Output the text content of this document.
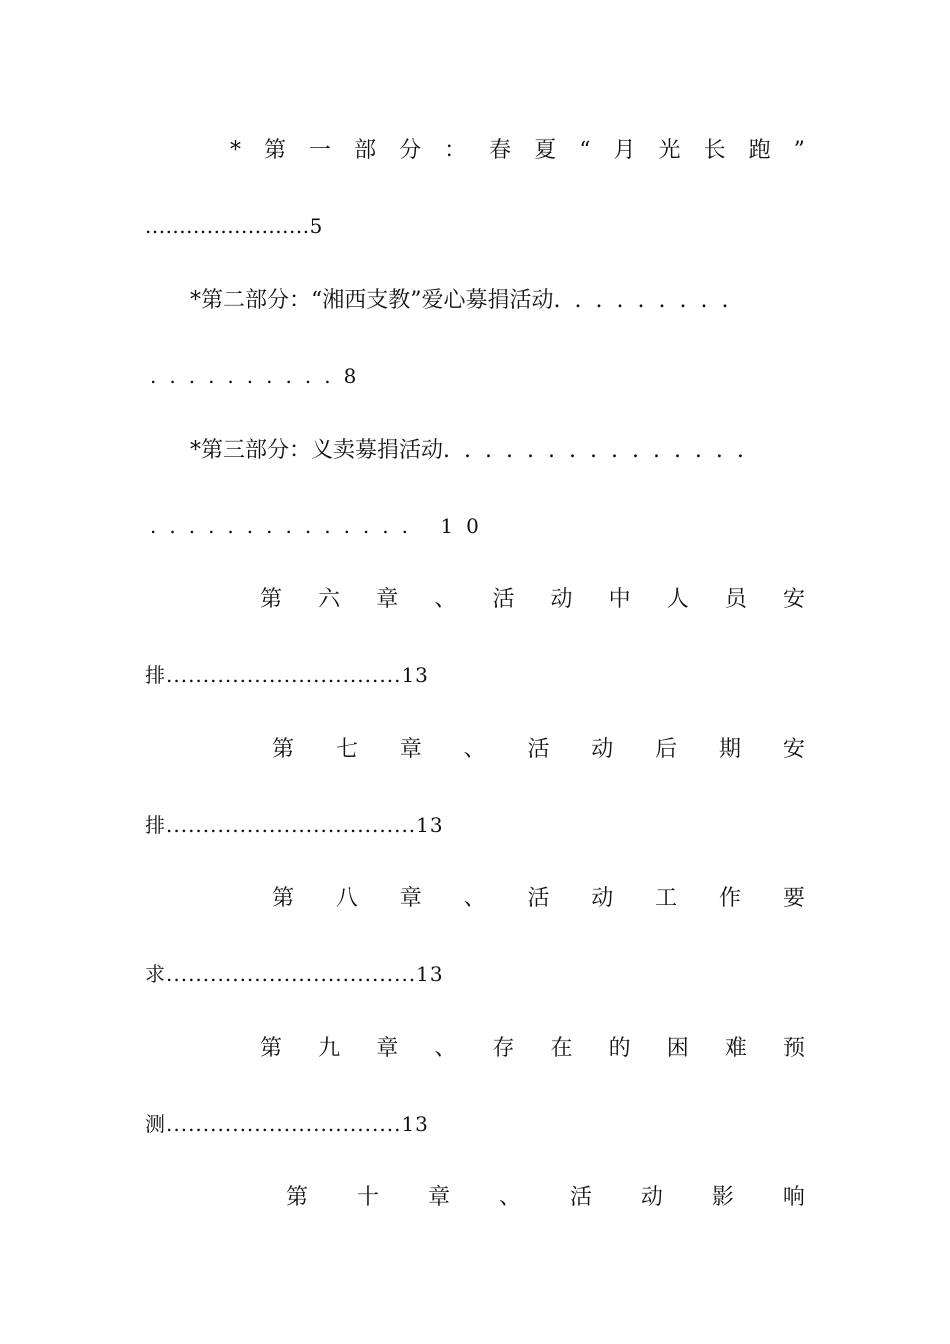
* 第 一 部 分 ： 春 夏 “ 月 光 长 跑 ”
........................5
*第二部分：“湘西支教”爱心募捐活动.........
..........8
*第三部分：义卖募捐活动...............
.............. 10
第 六 章 、 活 动 中 人 员 安
排................................13
第 七 章 、 活 动 后 期 安
排..................................13
第 八 章 、 活 动 工 作 要
求..................................13
第 九 章 、 存 在 的 困 难 预
测................................13
第 十 章 、 活 动 影 响
